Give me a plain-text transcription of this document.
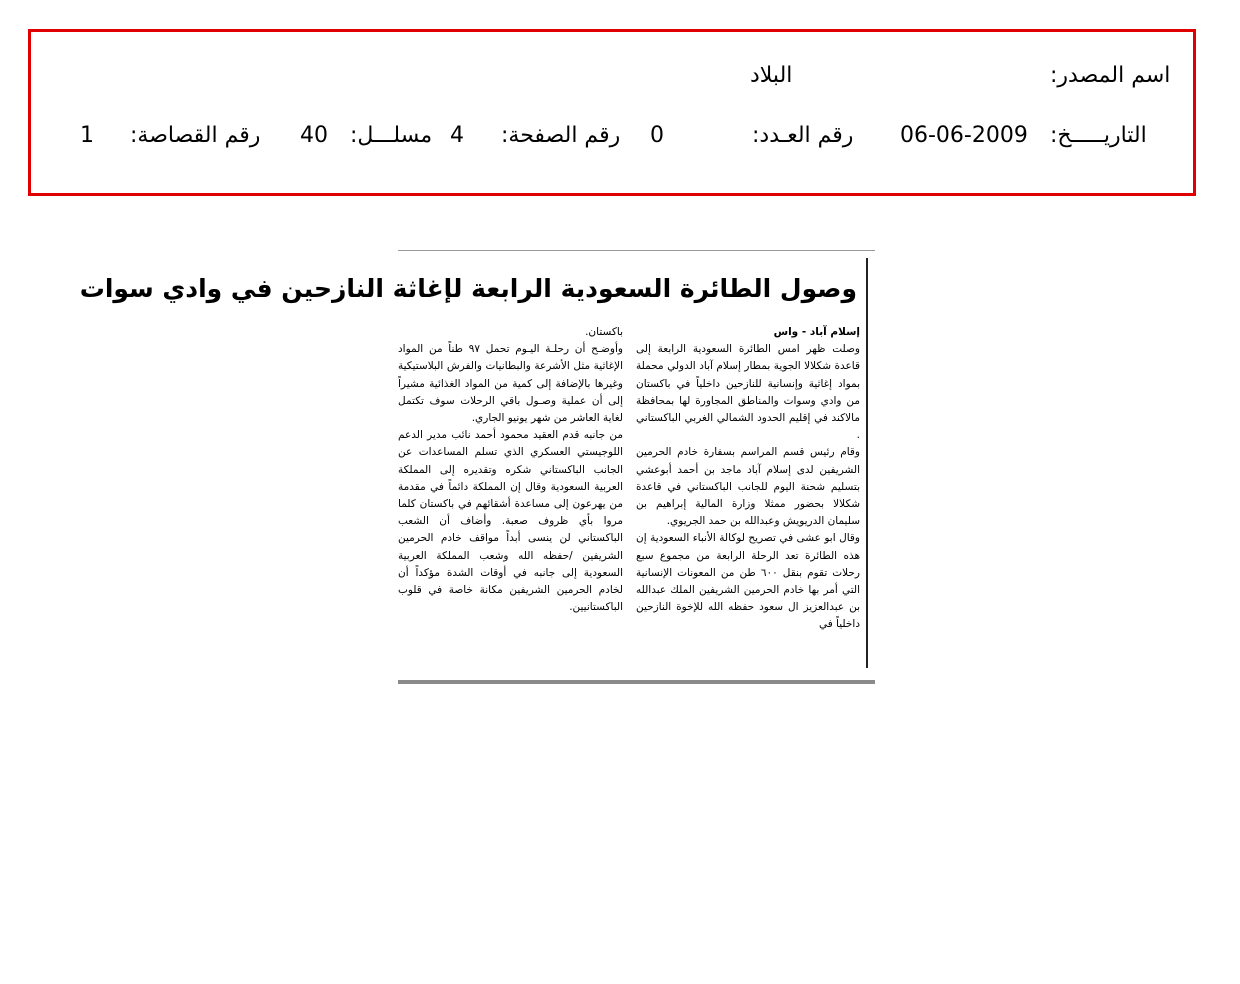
اسم المصدر:
البلاد
التاريـــــخ:
06-06-2009
رقم العـدد:
0
رقم الصفحة:
4
مسلـــل:
40
رقم القصاصة:
1
وصول الطائرة السعودية الرابعة لإغاثة النازحين في وادي سوات

إسلام آباد - واس

وصلت ظهر امس الطائرة السعودية الرابعة إلى قاعدة شكلالا الجوية بمطار إسلام آباد الدولي محملة بمواد إغاثية وإنسانية للنازحين داخلياً في باكستان من وادي وسوات والمناطق المجاورة لها بمحافظة مالاكند في إقليم الحدود الشمالي الغربي الباكستاني .

وقام رئيس قسم المراسم بسفارة خادم الحرمين الشريفين لدى إسلام آباد ماجد بن أحمد أبوعشي بتسليم شحنة اليوم للجانب الباكستاني في قاعدة شكلالا بحضور ممثلا وزارة المالية إبراهيم بن سليمان الدريويش وعبدالله بن حمد الجريوي.

وقال ابو عشى في تصريح لوكالة الأنباء السعودية إن هذه الطائرة تعد الرحلة الرابعة من مجموع سبع رحلات تقوم بنقل ٦٠٠ طن من المعونات الإنسانية التي أمر بها خادم الحرمين الشريفين الملك عبدالله بن عبدالعزيز ال سعود حفظه الله للإخوة النازحين داخلياً في

باكستان.

وأوضـح أن رحلـة اليـوم تحمل ٩٧ طناً من المواد الإغاثية مثل الأشرعة والبطانيات والفرش البلاستيكية وغيرها بالإضافة إلى كمية من المواد الغذائية مشيراً إلى أن عملية وصـول باقي الرحلات سوف تكتمل لغاية العاشر من شهر يونيو الجاري.

من جانبه قدم العقيد محمود أحمد نائب مدير الدعم اللوجيستي العسكري الذي تسلم المساعدات عن الجانب الباكستاني شكره وتقديره إلى المملكة العربية السعودية وقال إن المملكة دائماً في مقدمة من يهرعون إلى مساعدة أشقائهم في باكستان كلما مروا بأي ظروف صعبة. وأضاف أن الشعب الباكستاني لن ينسى أبداً مواقف خادم الحرمين الشريفين /حفظه الله وشعب المملكة العربية السعودية إلى جانبه في أوقات الشدة مؤكداً أن لخادم الحرمين الشريفين مكانة خاصة في قلوب الباكستانيين.
